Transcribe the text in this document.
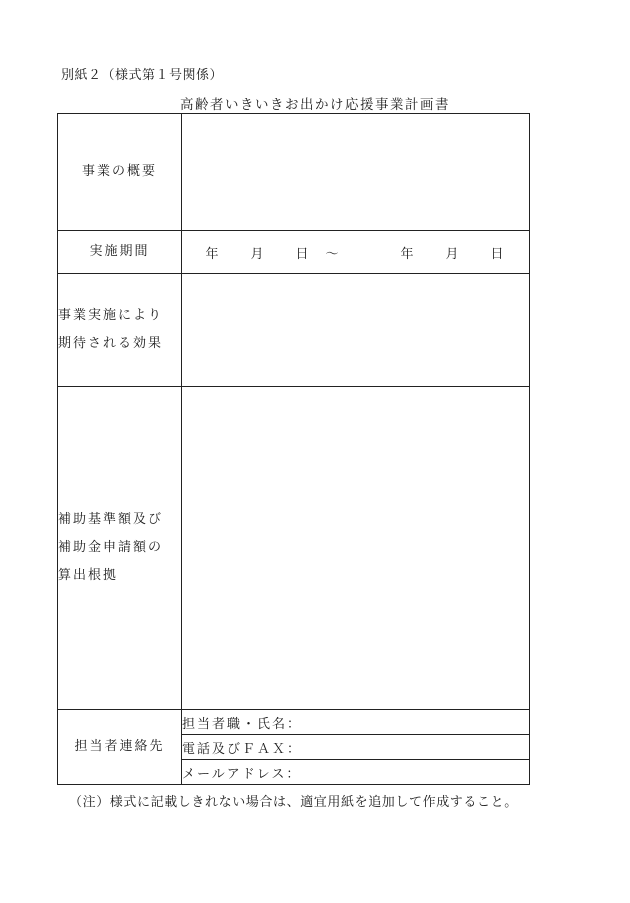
別紙２（様式第１号関係）
高齢者いきいきお出かけ応援事業計画書
事業の概要	
実施期間	年　　月　　日　〜　　　　年　　月　　日

事業実施により
期待される効果	

補助基準額及び
補助金申請額の
算出根拠	

担当者連絡先	担当者職・氏名：
	電話及びＦＡＸ：
	メールアドレス：
（注）様式に記載しきれない場合は、適宜用紙を追加して作成すること。
